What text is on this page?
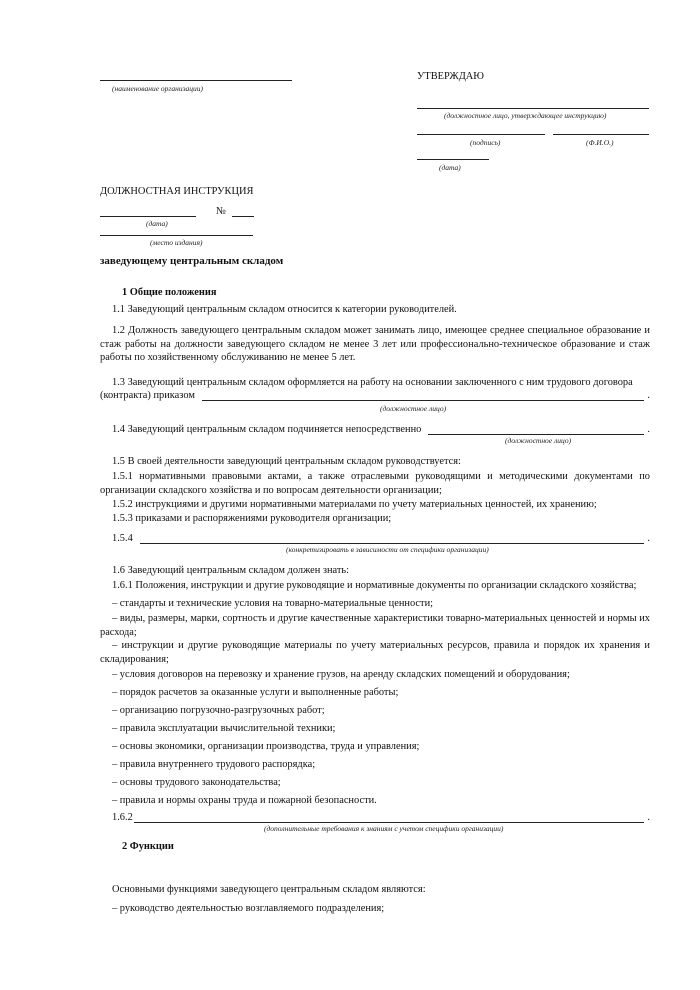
(наименование организации)
УТВЕРЖДАЮ
(должностное лицо, утверждающее инструкцию)
(подпись)	(Ф.И.О.)
(дата)
ДОЛЖНОСТНАЯ ИНСТРУКЦИЯ
№
(дата)
(место издания)
заведующему центральным складом
1 Общие положения
1.1 Заведующий центральным складом относится к категории руководителей.
1.2 Должность заведующего центральным складом может занимать лицо, имеющее среднее специальное образование и стаж работы на должности заведующего складом не менее 3 лет или профессионально-техническое образование и стаж работы по хозяйственному обслуживанию не менее 5 лет.
1.3 Заведующий центральным складом оформляется на работу на основании заключенного с ним трудового договора
(контракта) приказом	.
(должностное лицо)
1.4 Заведующий центральным складом подчиняется непосредственно	.
(должностное лицо)
1.5 В своей деятельности заведующий центральным складом руководствуется:
1.5.1 нормативными правовыми актами, а также отраслевыми руководящими и методическими документами по организации складского хозяйства и по вопросам деятельности организации;
1.5.2 инструкциями и другими нормативными материалами по учету материальных ценностей, их хранению;
1.5.3 приказами и распоряжениями руководителя организации;
1.5.4	.
(конкретизировать в зависимости от специфики организации)
1.6 Заведующий центральным складом должен знать:
1.6.1 Положения, инструкции и другие руководящие и нормативные документы по организации складского хозяйства;
– стандарты и технические условия на товарно-материальные ценности;
– виды, размеры, марки, сортность и другие качественные характеристики товарно-материальных ценностей и нормы их расхода;
– инструкции и другие руководящие материалы по учету материальных ресурсов, правила и порядок их хранения и складирования;
– условия договоров на перевозку и хранение грузов, на аренду складских помещений и оборудования;
– порядок расчетов за оказанные услуги и выполненные работы;
– организацию погрузочно-разгрузочных работ;
– правила эксплуатации вычислительной техники;
– основы экономики, организации производства, труда и управления;
– правила внутреннего трудового распорядка;
– основы трудового законодательства;
– правила и нормы охраны труда и пожарной безопасности.
1.6.2	.
(дополнительные требования к знаниям с учетом специфики организации)
2 Функции
Основными функциями заведующего центральным складом являются:
– руководство деятельностью возглавляемого подразделения;
